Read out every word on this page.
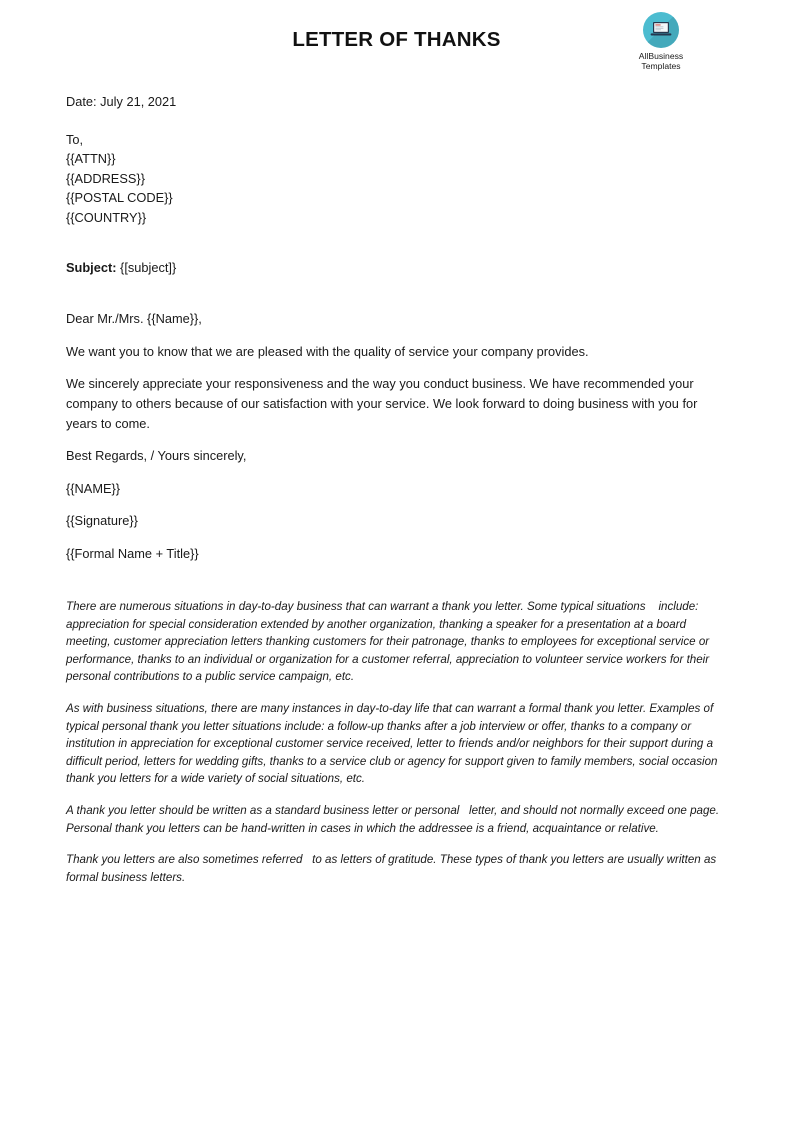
LETTER OF THANKS
AllBusiness
Templates
Date: July 21, 2021
To,
{{ATTN}}
{{ADDRESS}}
{{POSTAL CODE}}
{{COUNTRY}}
Subject: {[subject]}
Dear Mr./Mrs. {{Name}},
We want you to know that we are pleased with the quality of service your company provides.
We sincerely appreciate your responsiveness and the way you conduct business. We have recommended your company to others because of our satisfaction with your service. We look forward to doing business with you for years to come.
Best Regards, / Yours sincerely,
{{NAME}}
{{Signature}}
{{Formal Name + Title}}

There are numerous situations in day-to-day business that can warrant a thank you letter. Some typical situations    include: appreciation for special consideration extended by another organization, thanking a speaker for a presentation at a board meeting, customer appreciation letters thanking customers for their patronage, thanks to employees for exceptional service or performance, thanks to an individual or organization for a customer referral, appreciation to volunteer service workers for their personal contributions to a public service campaign, etc.

As with business situations, there are many instances in day-to-day life that can warrant a formal thank you letter. Examples of typical personal thank you letter situations include: a follow-up thanks after a job interview or offer, thanks to a company or institution in appreciation for exceptional customer service received, letter to friends and/or neighbors for their support during a difficult period, letters for wedding gifts, thanks to a service club or agency for support given to family members, social occasion thank you letters for a wide variety of social situations, etc.

A thank you letter should be written as a standard business letter or personal   letter, and should not normally exceed one page. Personal thank you letters can be hand-written in cases in which the addressee is a friend, acquaintance or relative.

Thank you letters are also sometimes referred   to as letters of gratitude. These types of thank you letters are usually written as formal business letters.
